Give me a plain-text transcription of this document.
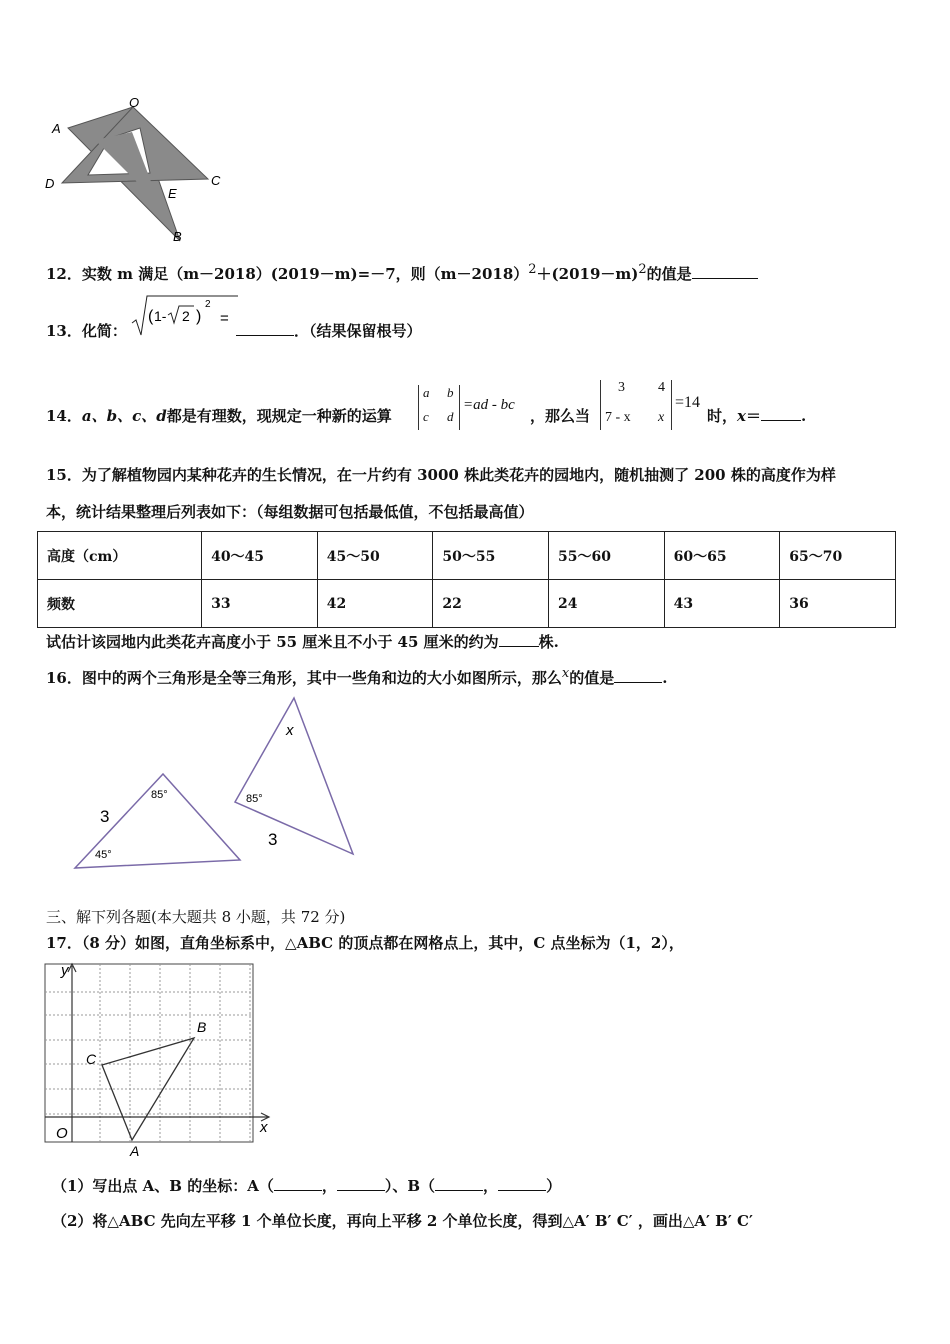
O
A
D
E
C
B
12．实数 m 满足（m－2018）(2019－m)=－7，则$(m-2018)^2+(2019-m)^2$的值是
13．化简：
( 1- 2 )
2
=
．（结果保留根号）
14．a、b、c、d都是有理数，现规定一种新的运算
a b
c d
=ad - bc
，那么当
3 4
7 - x x
=14
时，x＝	.
15．为了解植物园内某种花卉的生长情况，在一片约有 3000 株此类花卉的园地内，随机抽测了 200 株的高度作为样
本，统计结果整理后列表如下：（每组数据可包括最低值，不包括最高值）
高度（cm）	40～45	45～50	50～55	55～60	60～65	65～70
频数	33	42	22	24	43	36
试估计该园地内此类花卉高度小于 55 厘米且不小于 45 厘米的约为	株.
16．图中的两个三角形是全等三角形，其中一些角和边的大小如图所示，那么$^x$的值是	.
3
85°
45°
x
85°
3
三、解下列各题(本大题共 8 小题，共 72 分)
17．（8 分）如图，直角坐标系中，△ABC 的顶点都在网格点上，其中，C 点坐标为（1，2），
y
x
O
A
B
C
（1）写出点 A、B 的坐标：A（	，	）、B（	，	）
（2）将△ABC 先向左平移 1 个单位长度，再向上平移 2 个单位长度，得到△A′ B′ C′ ，画出△A′ B′ C′
